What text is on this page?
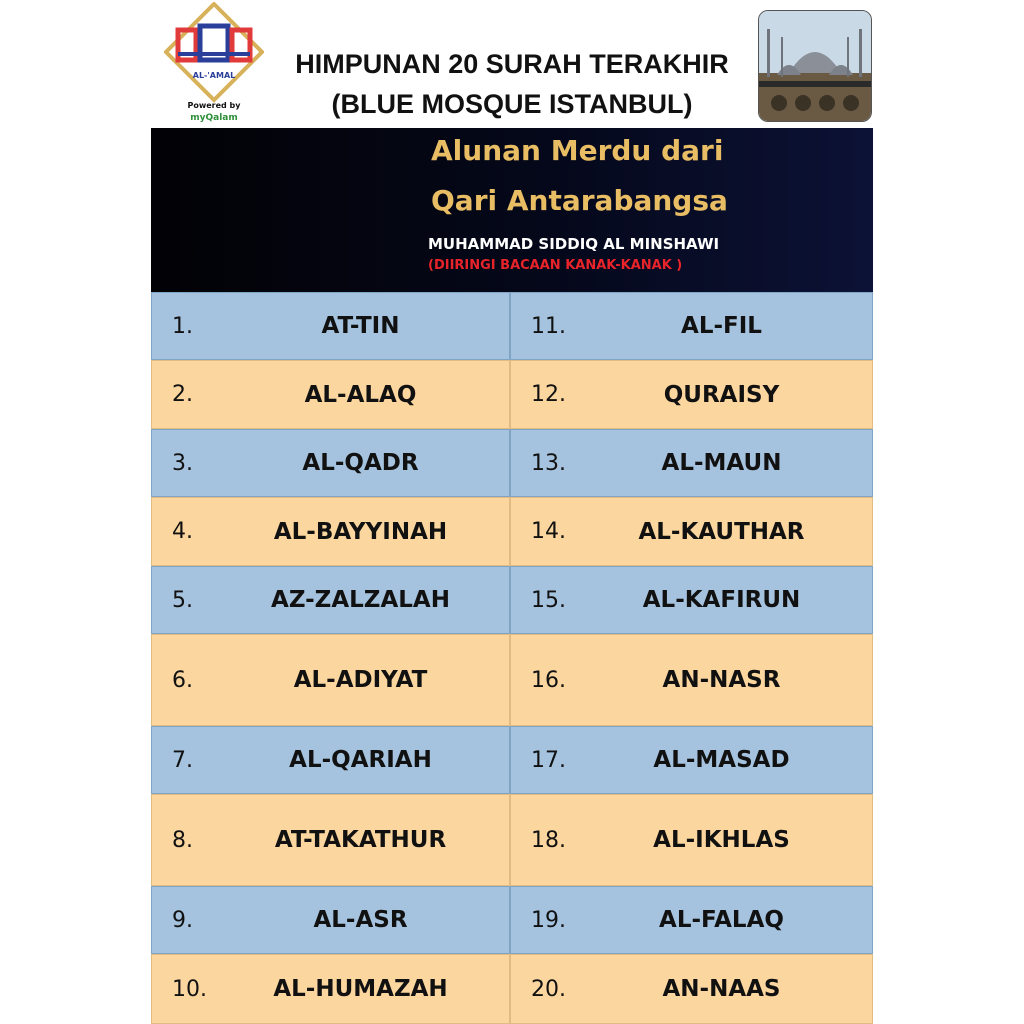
AL-'AMAL
Powered by
myQalam
HIMPUNAN 20 SURAH TERAKHIR
(BLUE MOSQUE ISTANBUL)
Alunan Merdu dari
Qari Antarabangsa
MUHAMMAD SIDDIQ AL MINSHAWI
(DIIRINGI BACAAN KANAK-KANAK )
1.	AT-TIN
2.	AL-ALAQ
3.	AL-QADR
4.	AL-BAYYINAH
5.	AZ-ZALZALAH
6.	AL-ADIYAT
7.	AL-QARIAH
8.	AT-TAKATHUR
9.	AL-ASR
10.	AL-HUMAZAH
11.	AL-FIL
12.	QURAISY
13.	AL-MAUN
14.	AL-KAUTHAR
15.	AL-KAFIRUN
16.	AN-NASR
17.	AL-MASAD
18.	AL-IKHLAS
19.	AL-FALAQ
20.	AN-NAAS
